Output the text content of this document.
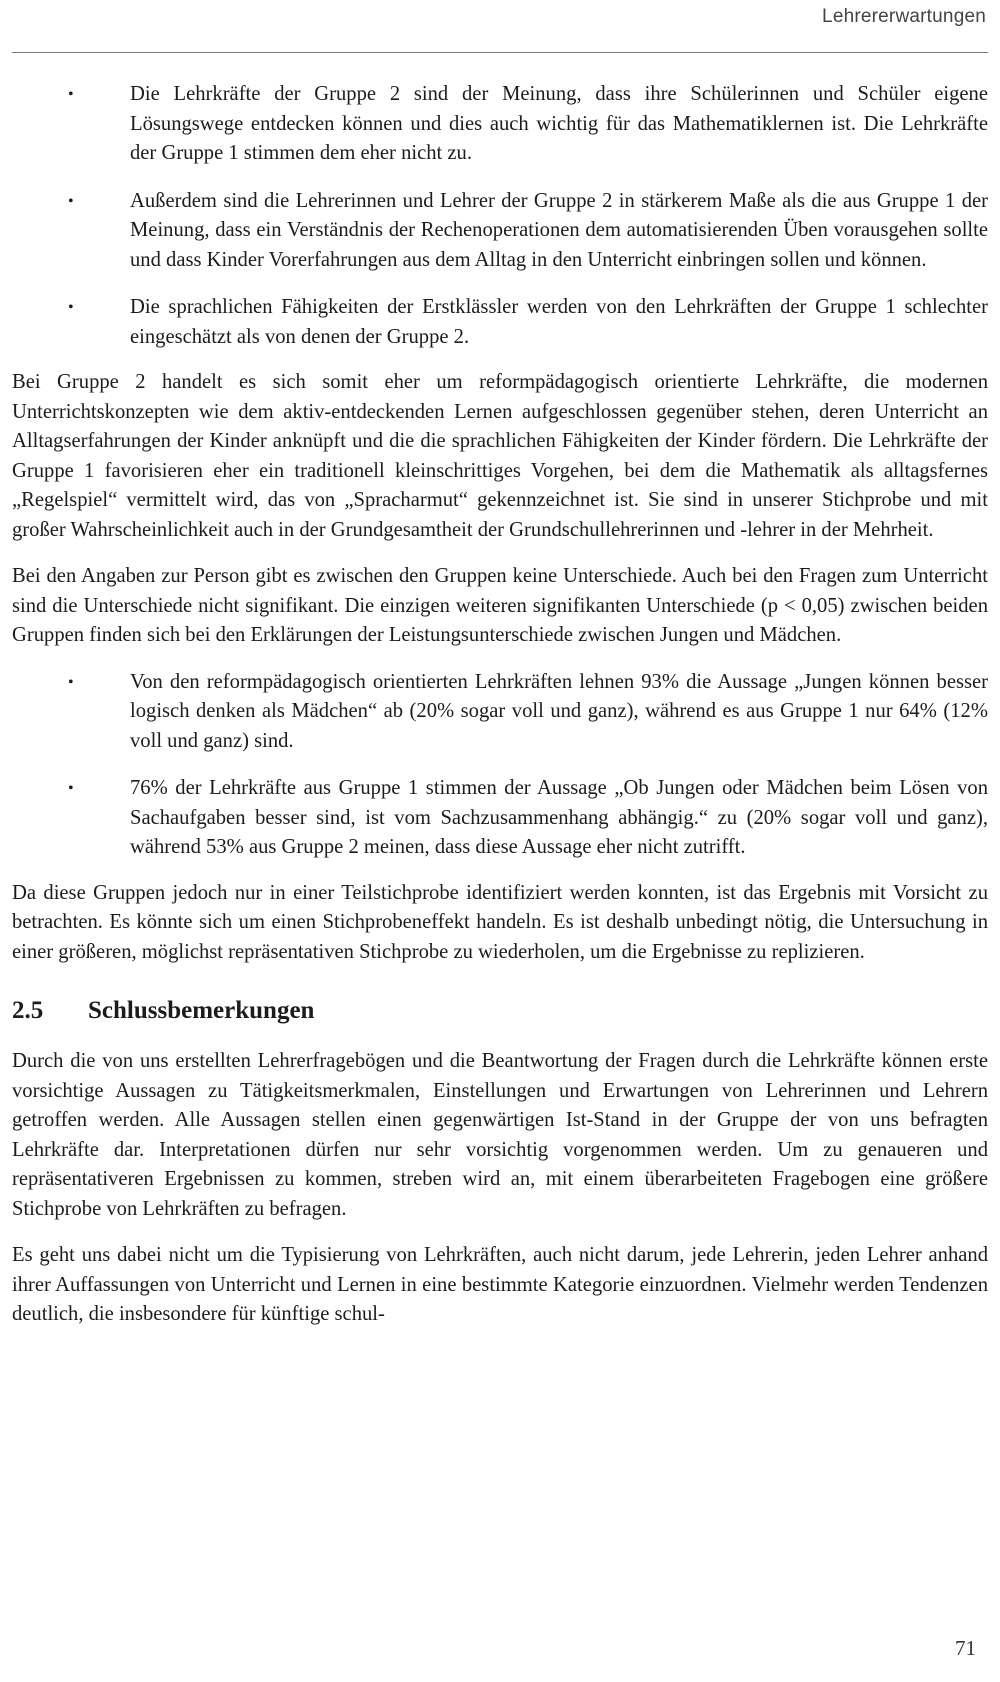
Lehrererwartungen
•	Die Lehrkräfte der Gruppe 2 sind der Meinung, dass ihre Schülerinnen und Schüler eigene Lösungswege entdecken können und dies auch wichtig für das Mathematiklernen ist. Die Lehrkräfte der Gruppe 1 stimmen dem eher nicht zu.
•	Außerdem sind die Lehrerinnen und Lehrer der Gruppe 2 in stärkerem Maße als die aus Gruppe 1 der Meinung, dass ein Verständnis der Rechenoperationen dem automatisierenden Üben vorausgehen sollte und dass Kinder Vorerfahrungen aus dem Alltag in den Unterricht einbringen sollen und können.
•	Die sprachlichen Fähigkeiten der Erstklässler werden von den Lehrkräften der Gruppe 1 schlechter eingeschätzt als von denen der Gruppe 2.

Bei Gruppe 2 handelt es sich somit eher um reformpädagogisch orientierte Lehrkräfte, die modernen Unterrichtskonzepten wie dem aktiv-entdeckenden Lernen aufgeschlossen gegenüber stehen, deren Unterricht an Alltagserfahrungen der Kinder anknüpft und die die sprachlichen Fähigkeiten der Kinder fördern. Die Lehrkräfte der Gruppe 1 favorisieren eher ein traditionell kleinschrittiges Vorgehen, bei dem die Mathematik als alltagsfernes „Regelspiel“ vermittelt wird, das von „Spracharmut“ gekennzeichnet ist. Sie sind in unserer Stichprobe und mit großer Wahrscheinlichkeit auch in der Grundgesamtheit der Grundschullehrerinnen und -lehrer in der Mehrheit.

Bei den Angaben zur Person gibt es zwischen den Gruppen keine Unterschiede. Auch bei den Fragen zum Unterricht sind die Unterschiede nicht signifikant. Die einzigen weiteren signifikanten Unterschiede (p < 0,05) zwischen beiden Gruppen finden sich bei den Erklärungen der Leistungsunterschiede zwischen Jungen und Mädchen.

•	Von den reformpädagogisch orientierten Lehrkräften lehnen 93% die Aussage „Jungen können besser logisch denken als Mädchen“ ab (20% sogar voll und ganz), während es aus Gruppe 1 nur 64% (12% voll und ganz) sind.
•	76% der Lehrkräfte aus Gruppe 1 stimmen der Aussage „Ob Jungen oder Mädchen beim Lösen von Sachaufgaben besser sind, ist vom Sachzusammenhang abhängig.“ zu (20% sogar voll und ganz), während 53% aus Gruppe 2 meinen, dass diese Aussage eher nicht zutrifft.

Da diese Gruppen jedoch nur in einer Teilstichprobe identifiziert werden konnten, ist das Ergebnis mit Vorsicht zu betrachten. Es könnte sich um einen Stichprobeneffekt handeln. Es ist deshalb unbedingt nötig, die Untersuchung in einer größeren, möglichst repräsentativen Stichprobe zu wiederholen, um die Ergebnisse zu replizieren.

2.5 Schlussbemerkungen

Durch die von uns erstellten Lehrerfragebögen und die Beantwortung der Fragen durch die Lehrkräfte können erste vorsichtige Aussagen zu Tätigkeitsmerkmalen, Einstellungen und Erwartungen von Lehrerinnen und Lehrern getroffen werden. Alle Aussagen stellen einen gegenwärtigen Ist-Stand in der Gruppe der von uns befragten Lehrkräfte dar. Interpretationen dürfen nur sehr vorsichtig vorgenommen werden. Um zu genaueren und repräsentativeren Ergebnissen zu kommen, streben wird an, mit einem überarbeiteten Fragebogen eine größere Stichprobe von Lehrkräften zu befragen.

Es geht uns dabei nicht um die Typisierung von Lehrkräften, auch nicht darum, jede Lehrerin, jeden Lehrer anhand ihrer Auffassungen von Unterricht und Lernen in eine bestimmte Kategorie einzuordnen. Vielmehr werden Tendenzen deutlich, die insbesondere für künftige schul-

71
